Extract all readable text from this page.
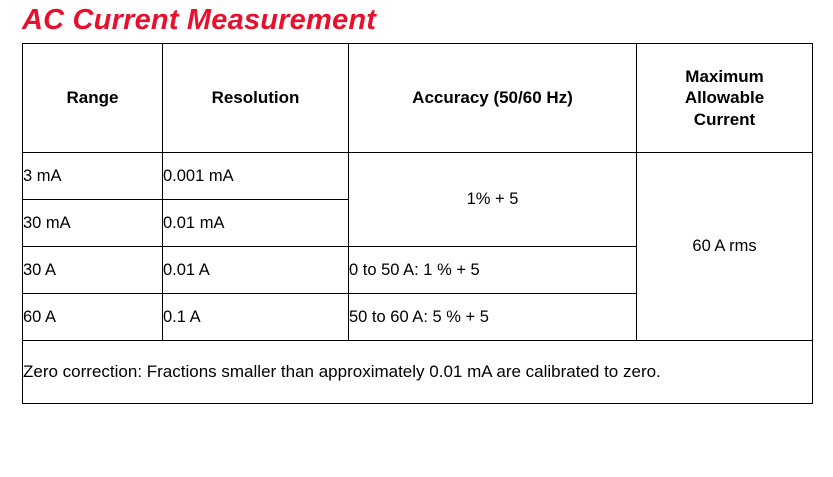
AC Current Measurement
Range	Resolution	Accuracy (50/60 Hz)	Maximum
Allowable
Current

3 mA	0.001 mA	1% + 5	60 A rms
30 mA	0.01 mA		
30 A	0.01 A	0 to 50 A: 1 % + 5	
60 A	0.1 A	50 to 60 A: 5 % + 5	
Zero correction: Fractions smaller than approximately 0.01 mA are calibrated to zero.			
